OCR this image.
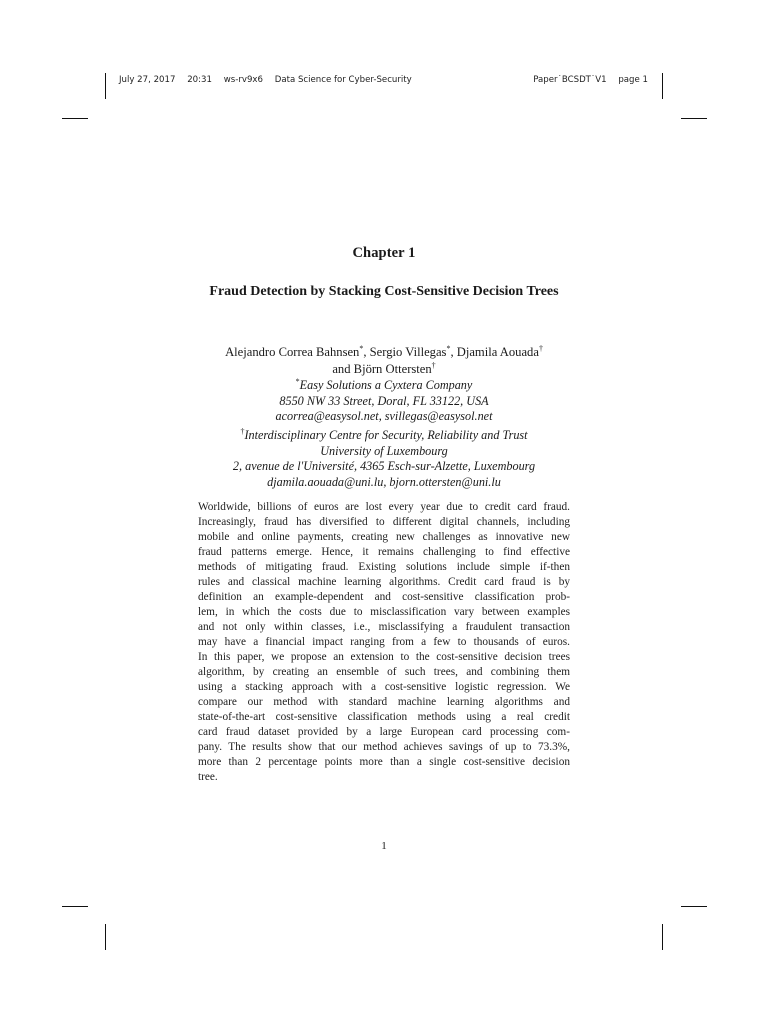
July 27, 2017 20:31 ws-rv9x6 Data Science for Cyber-Security	Paper˙BCSDT˙V1 page 1
Chapter 1
Fraud Detection by Stacking Cost-Sensitive Decision Trees
Alejandro Correa Bahnsen*, Sergio Villegas*, Djamila Aouada†
and Björn Ottersten†
*Easy Solutions a Cyxtera Company
8550 NW 33 Street, Doral, FL 33122, USA
acorrea@easysol.net, svillegas@easysol.net
†Interdisciplinary Centre for Security, Reliability and Trust
University of Luxembourg
2, avenue de l'Université, 4365 Esch-sur-Alzette, Luxembourg
djamila.aouada@uni.lu, bjorn.ottersten@uni.lu
Worldwide, billions of euros are lost every year due to credit card fraud.
Increasingly, fraud has diversified to different digital channels, including
mobile and online payments, creating new challenges as innovative new
fraud patterns emerge. Hence, it remains challenging to find effective
methods of mitigating fraud. Existing solutions include simple if-then
rules and classical machine learning algorithms. Credit card fraud is by
definition an example-dependent and cost-sensitive classification prob-
lem, in which the costs due to misclassification vary between examples
and not only within classes, i.e., misclassifying a fraudulent transaction
may have a financial impact ranging from a few to thousands of euros.
In this paper, we propose an extension to the cost-sensitive decision trees
algorithm, by creating an ensemble of such trees, and combining them
using a stacking approach with a cost-sensitive logistic regression. We
compare our method with standard machine learning algorithms and
state-of-the-art cost-sensitive classification methods using a real credit
card fraud dataset provided by a large European card processing com-
pany. The results show that our method achieves savings of up to 73.3%,
more than 2 percentage points more than a single cost-sensitive decision
tree.
1
